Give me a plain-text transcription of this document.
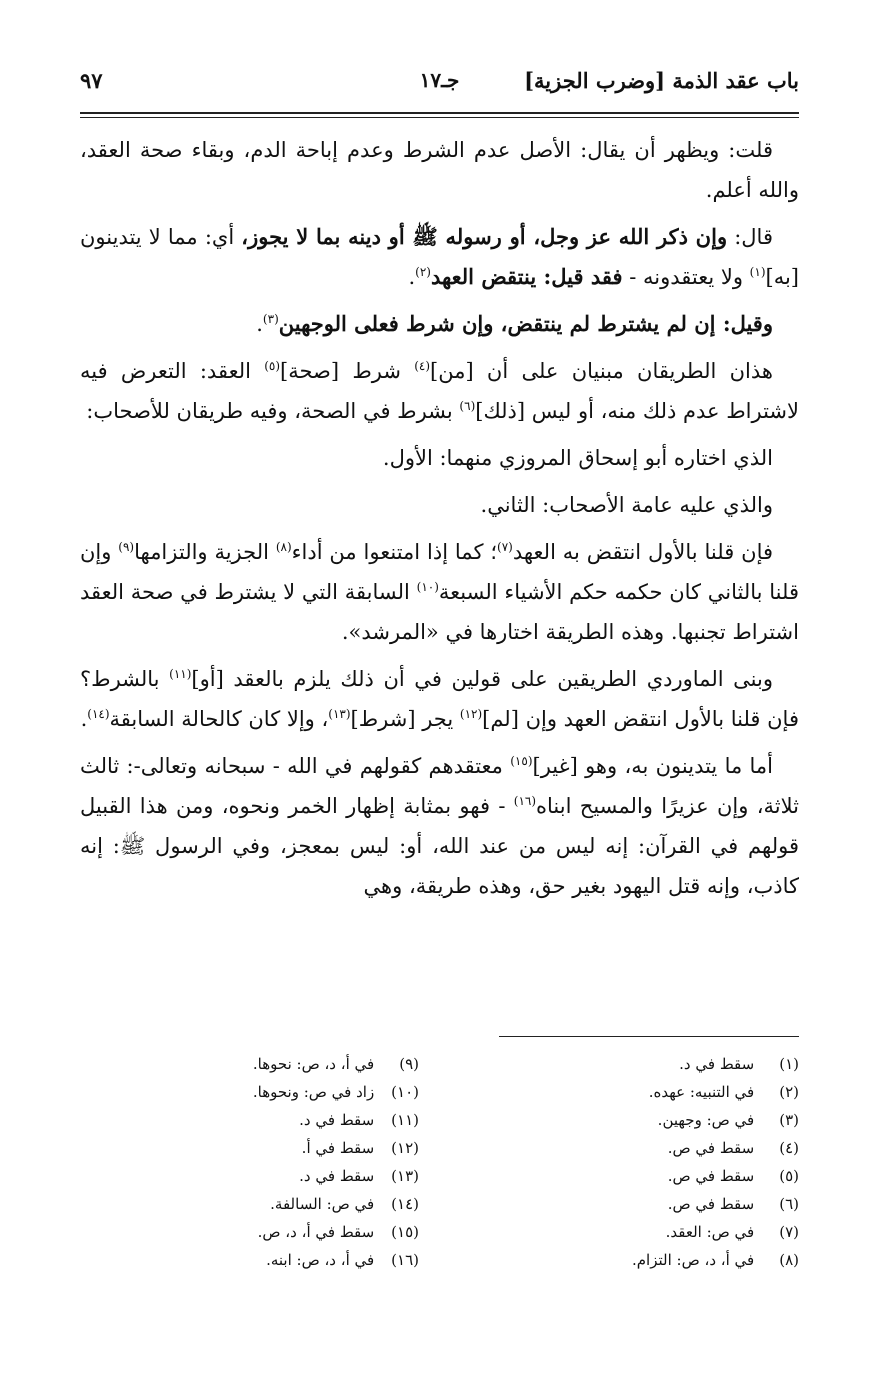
باب عقد الذمة [وضرب الجزية]
جـ١٧
٩٧

قلت: ويظهر أن يقال: الأصل عدم الشرط وعدم إباحة الدم، وبقاء صحة العقد، والله أعلم.

قال: وإن ذكر الله عز وجل، أو رسوله ﷺ أو دينه بما لا يجوز، أي: مما لا يتدينون [به]$^{(١)}$ ولا يعتقدونه - فقد قيل: ينتقض العهد$^{(٢)}$.

وقيل: إن لم يشترط لم ينتقض، وإن شرط فعلى الوجهين$^{(٣)}$.

هذان الطريقان مبنيان على أن [من]$^{(٤)}$ شرط [صحة]$^{(٥)}$ العقد: التعرض فيه لاشتراط عدم ذلك منه، أو ليس [ذلك]$^{(٦)}$ بشرط في الصحة، وفيه طريقان للأصحاب:

الذي اختاره أبو إسحاق المروزي منهما: الأول.

والذي عليه عامة الأصحاب: الثاني.

فإن قلنا بالأول انتقض به العهد$^{(٧)}$؛ كما إذا امتنعوا من أداء$^{(٨)}$ الجزية والتزامها$^{(٩)}$ وإن قلنا بالثاني كان حكمه حكم الأشياء السبعة$^{(١٠)}$ السابقة التي لا يشترط في صحة العقد اشتراط تجنبها. وهذه الطريقة اختارها في «المرشد».

وبنى الماوردي الطريقين على قولين في أن ذلك يلزم بالعقد [أو]$^{(١١)}$ بالشرط؟ فإن قلنا بالأول انتقض العهد وإن [لم]$^{(١٢)}$ يجر [شرط]$^{(١٣)}$، وإلا كان كالحالة السابقة$^{(١٤)}$.

أما ما يتدينون به، وهو [غير]$^{(١٥)}$ معتقدهم كقولهم في الله - سبحانه وتعالى-: ثالث ثلاثة، وإن عزيرًا والمسيح ابناه$^{(١٦)}$ - فهو بمثابة إظهار الخمر ونحوه، ومن هذا القبيل قولهم في القرآن: إنه ليس من عند الله، أو: ليس بمعجز، وفي الرسول ﷺ: إنه كاذب، وإنه قتل اليهود بغير حق، وهذه طريقة، وهي

(١) سقط في د.
(٢) في التنبيه: عهده.
(٣) في ص: وجهين.
(٤) سقط في ص.
(٥) سقط في ص.
(٦) سقط في ص.
(٧) في ص: العقد.
(٨) في أ، د، ص: التزام.
(٩) في أ، د، ص: نحوها.
(١٠) زاد في ص: ونحوها.
(١١) سقط في د.
(١٢) سقط في أ.
(١٣) سقط في د.
(١٤) في ص: السالفة.
(١٥) سقط في أ، د، ص.
(١٦) في أ، د، ص: ابنه.
